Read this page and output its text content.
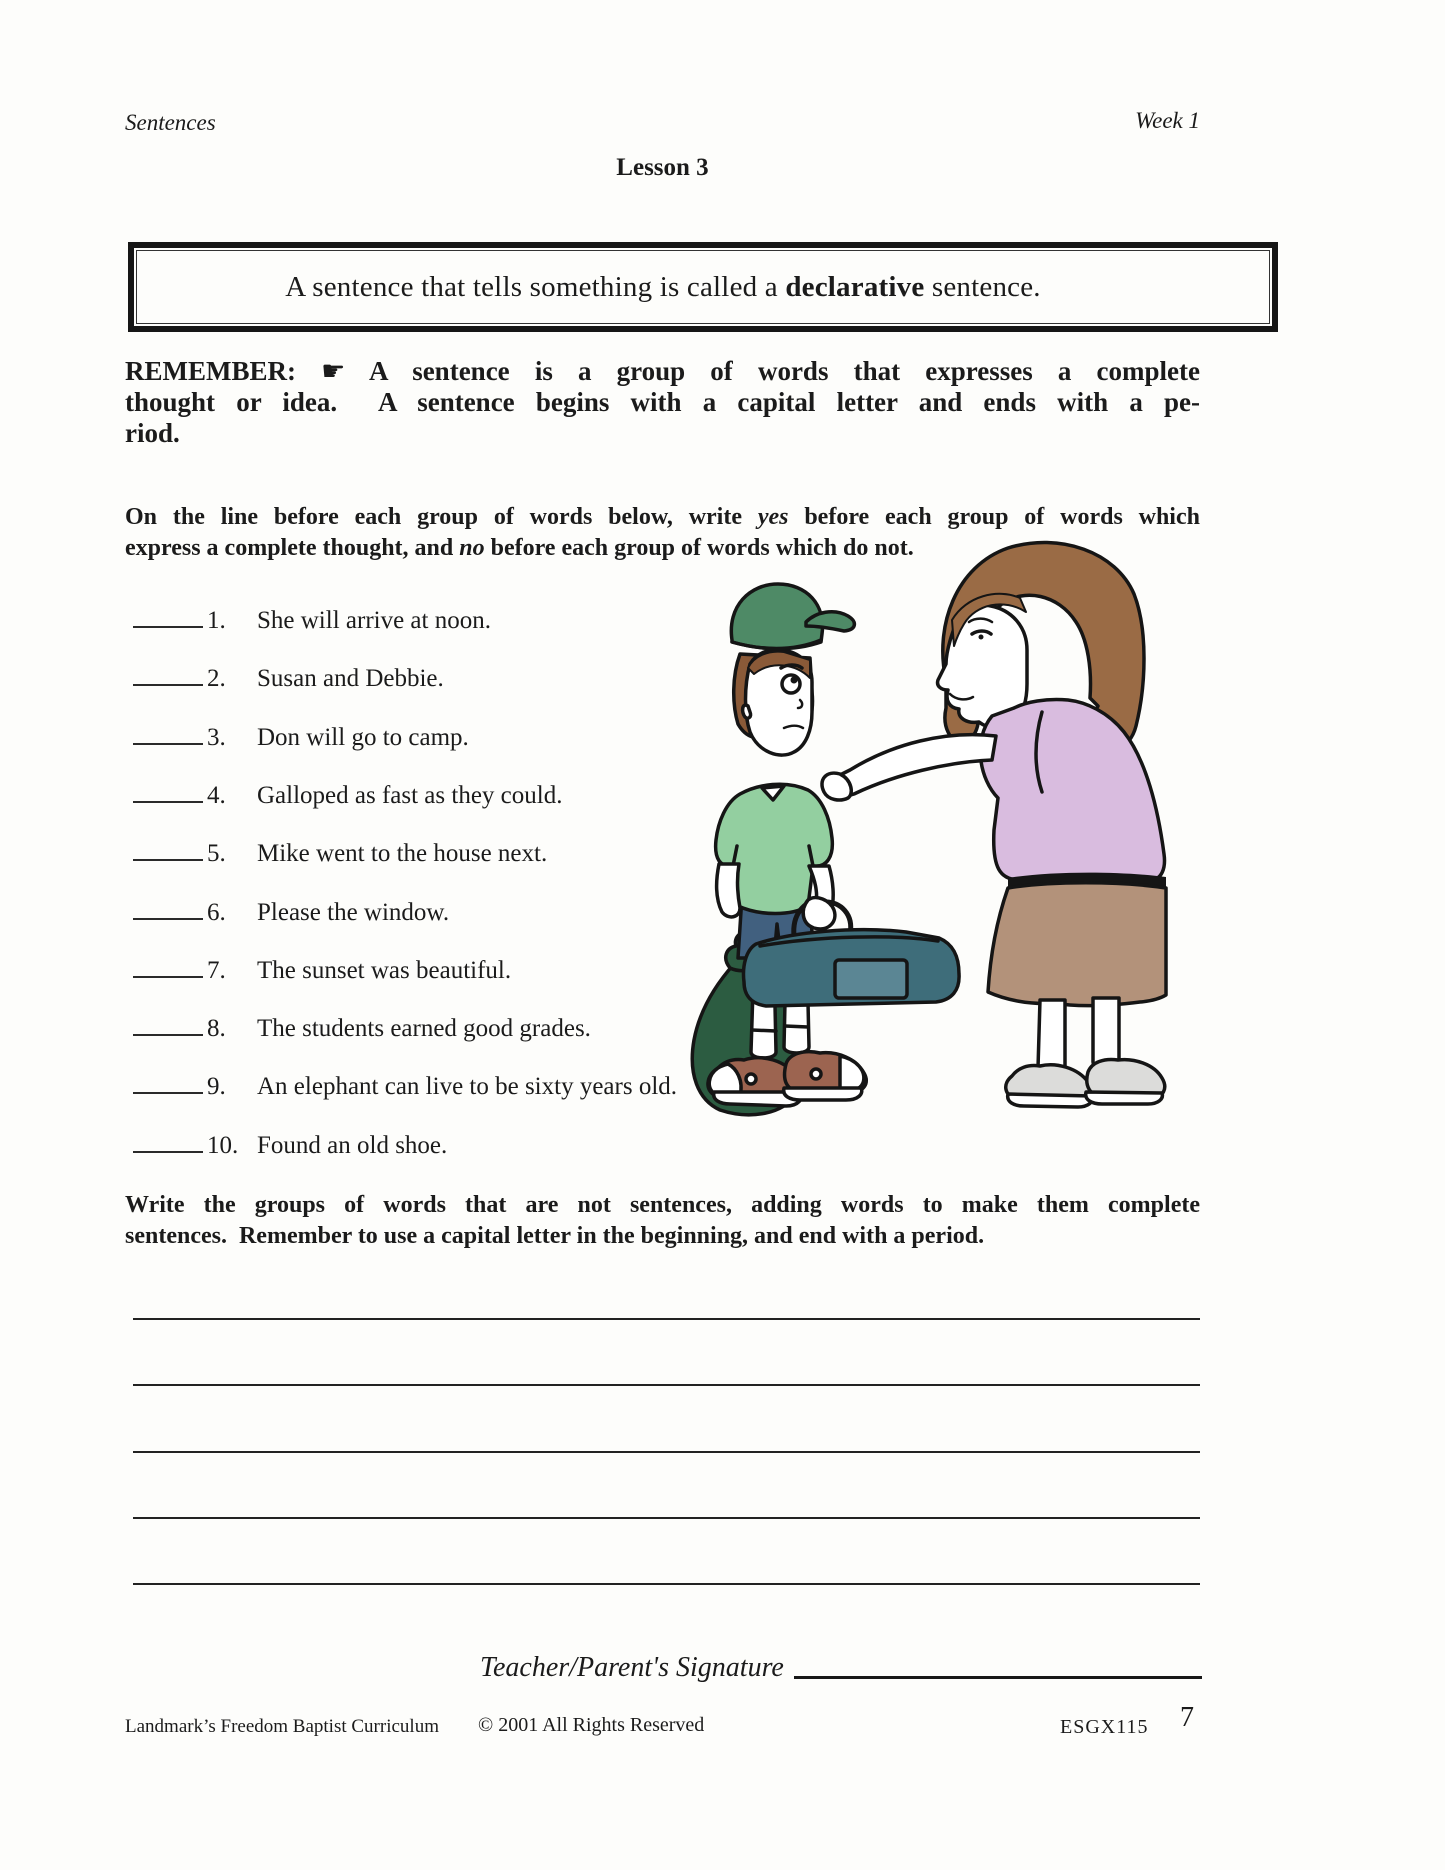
Sentences	Week 1
Lesson 3
A sentence that tells something is called a declarative sentence.
REMEMBER: ☛ A sentence is a group of words that expresses a complete
thought or idea.  A sentence begins with a capital letter and ends with a pe-
riod.
On the line before each group of words below, write yes before each group of words which
express a complete thought, and no before each group of words which do not.
1. She will arrive at noon.
2. Susan and Debbie.
3. Don will go to camp.
4. Galloped as fast as they could.
5. Mike went to the house next.
6. Please the window.
7. The sunset was beautiful.
8. The students earned good grades.
9. An elephant can live to be sixty years old.
10. Found an old shoe.
Write the groups of words that are not sentences, adding words to make them complete
sentences.  Remember to use a capital letter in the beginning, and end with a period.
Teacher/Parent's Signature
Landmark’s Freedom Baptist Curriculum © 2001 All Rights Reserved	ESGX115 7
